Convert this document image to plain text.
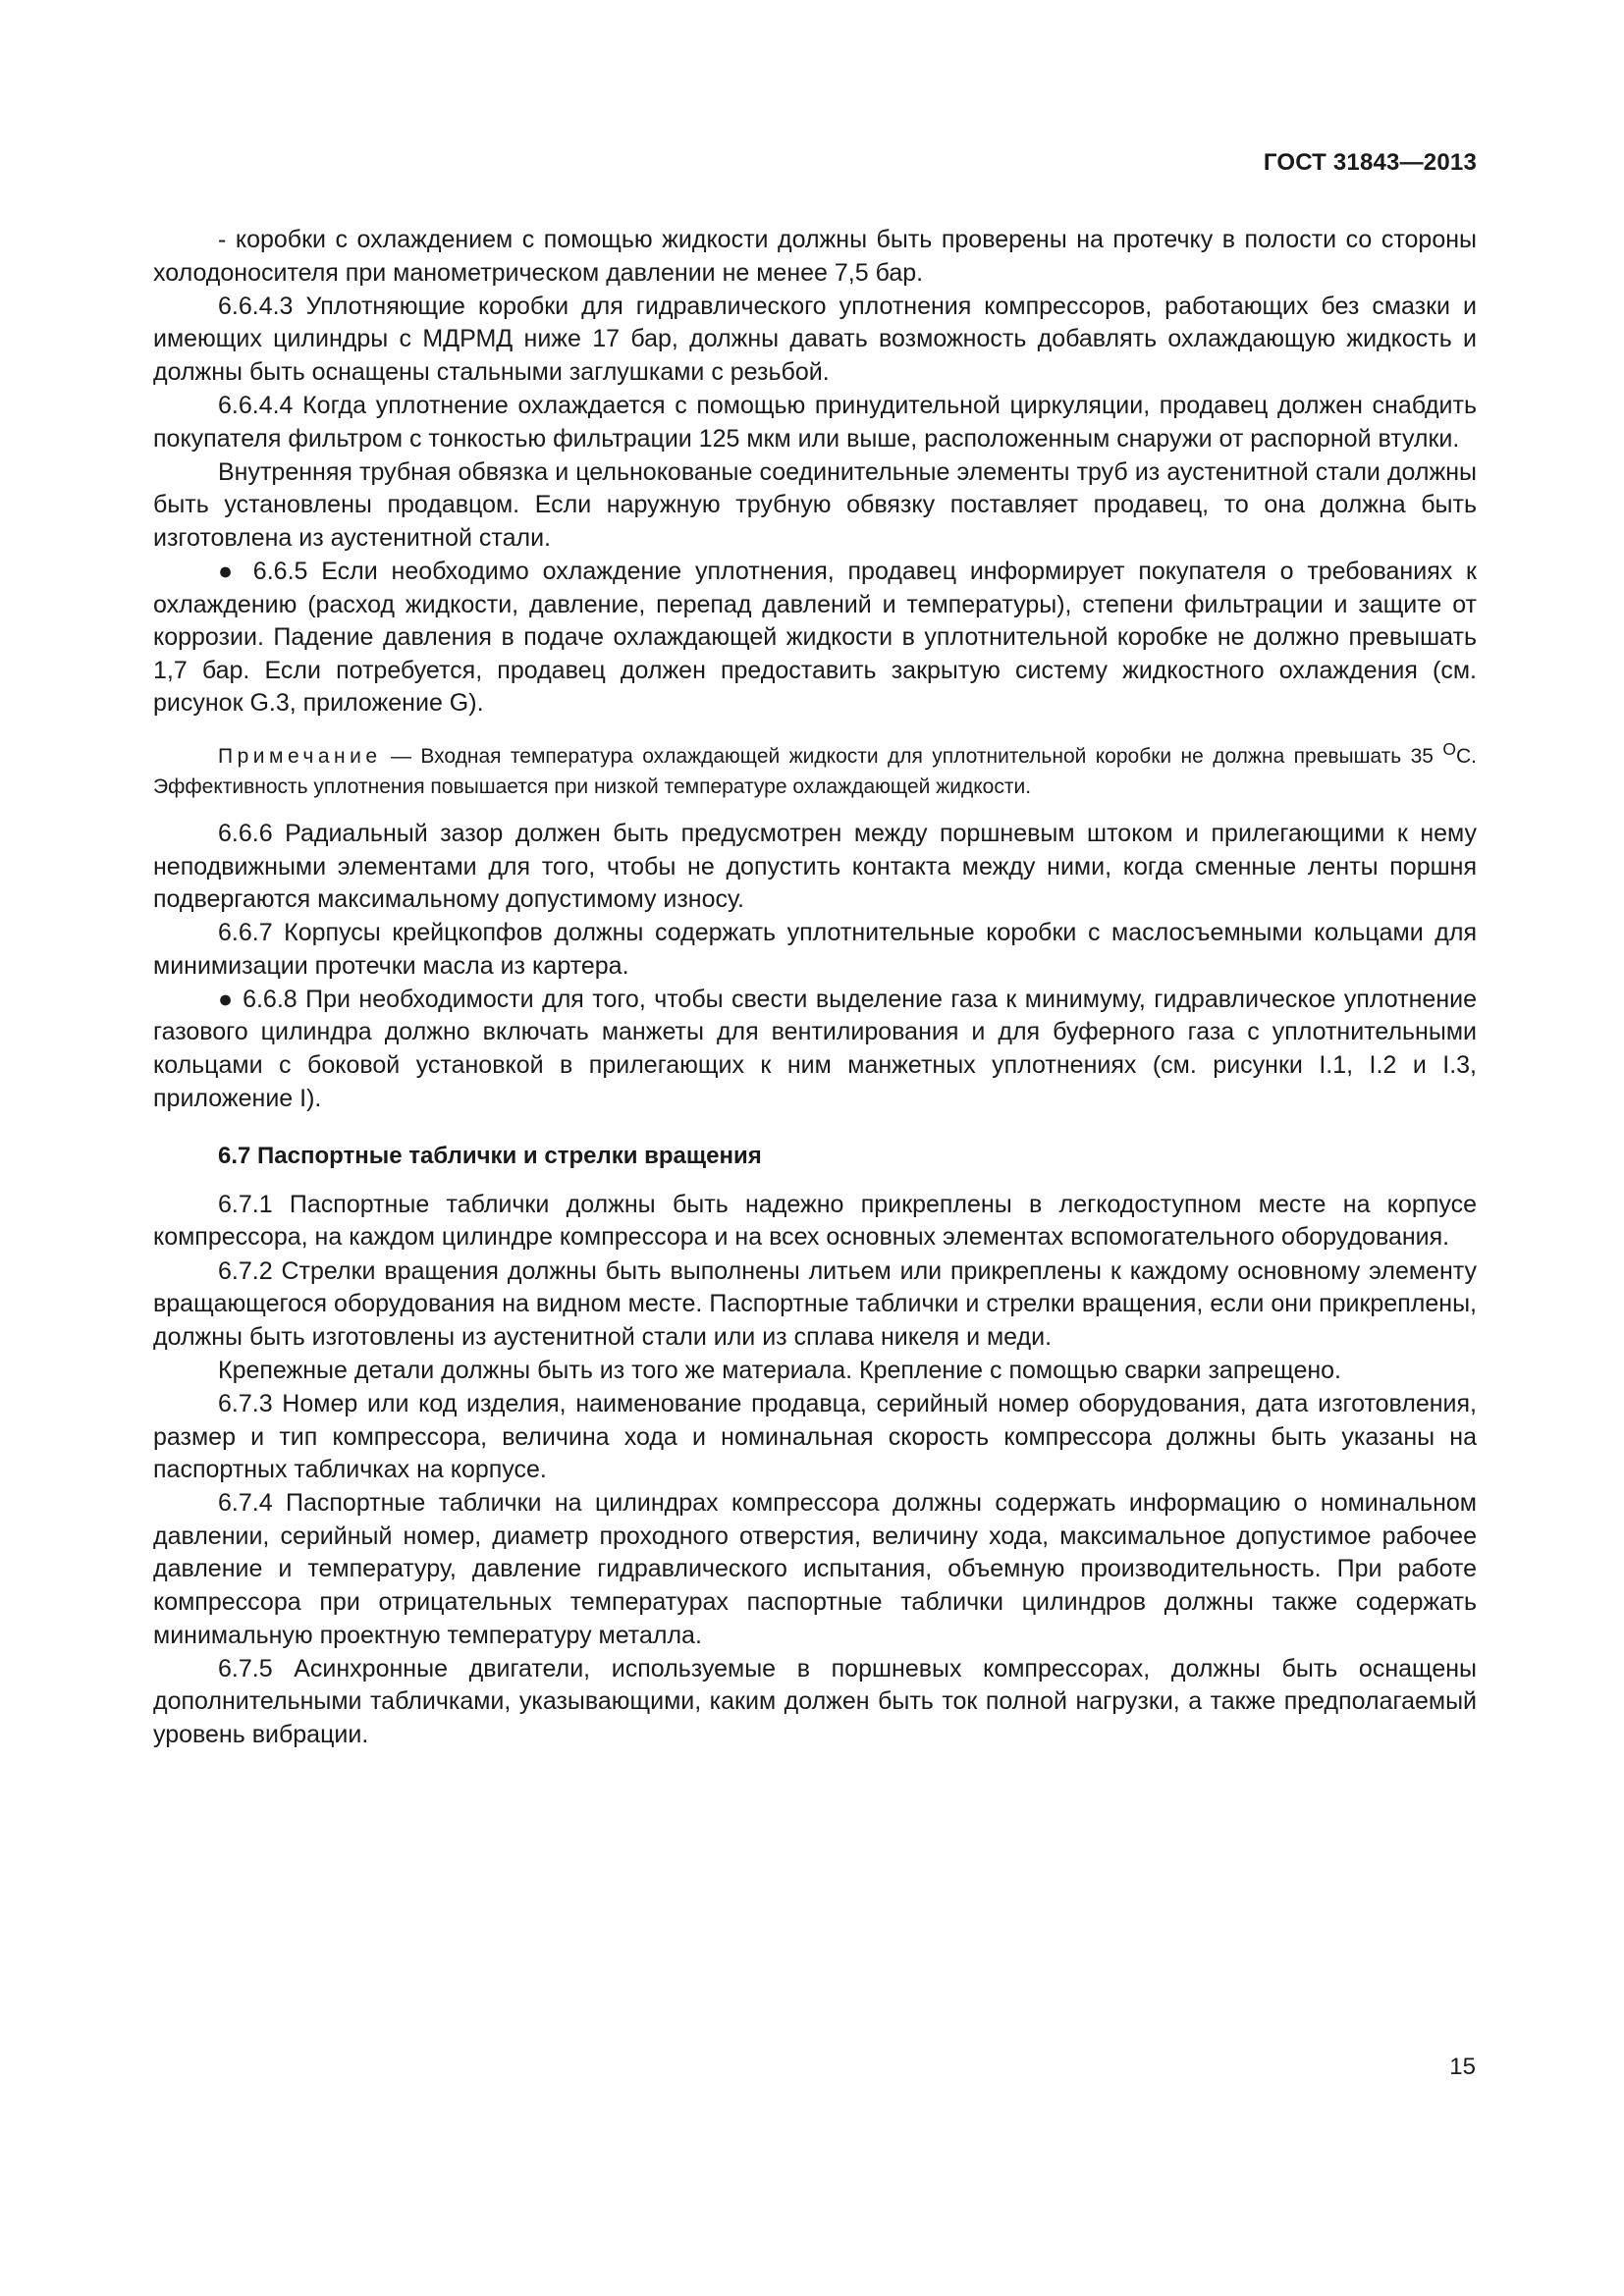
ГОСТ 31843—2013

- коробки с охлаждением с помощью жидкости должны быть проверены на протечку в полости со стороны холодоносителя при манометрическом давлении не менее 7,5 бар.

6.6.4.3 Уплотняющие коробки для гидравлического уплотнения компрессоров, работающих без смазки и имеющих цилиндры с МДРМД ниже 17 бар, должны давать возможность добавлять охлаждающую жидкость и должны быть оснащены стальными заглушками с резьбой.

6.6.4.4 Когда уплотнение охлаждается с помощью принудительной циркуляции, продавец должен снабдить покупателя фильтром с тонкостью фильтрации 125 мкм или выше, расположенным снаружи от распорной втулки.

Внутренняя трубная обвязка и цельнокованые соединительные элементы труб из аустенитной стали должны быть установлены продавцом. Если наружную трубную обвязку поставляет продавец, то она должна быть изготовлена из аустенитной стали.

● 6.6.5 Если необходимо охлаждение уплотнения, продавец информирует покупателя о требованиях к охлаждению (расход жидкости, давление, перепад давлений и температуры), степени фильтрации и защите от коррозии. Падение давления в подаче охлаждающей жидкости в уплотнительной коробке не должно превышать 1,7 бар. Если потребуется, продавец должен предоставить закрытую систему жидкостного охлаждения (см. рисунок G.3, приложение G).

Примечание — Входная температура охлаждающей жидкости для уплотнительной коробки не должна превышать 35 $^О$С. Эффективность уплотнения повышается при низкой температуре охлаждающей жидкости.

6.6.6 Радиальный зазор должен быть предусмотрен между поршневым штоком и прилегающими к нему неподвижными элементами для того, чтобы не допустить контакта между ними, когда сменные ленты поршня подвергаются максимальному допустимому износу.

6.6.7 Корпусы крейцкопфов должны содержать уплотнительные коробки с маслосъемными кольцами для минимизации протечки масла из картера.

● 6.6.8 При необходимости для того, чтобы свести выделение газа к минимуму, гидравлическое уплотнение газового цилиндра должно включать манжеты для вентилирования и для буферного газа с уплотнительными кольцами с боковой установкой в прилегающих к ним манжетных уплотнениях (см. рисунки I.1, I.2 и I.3, приложение I).

6.7 Паспортные таблички и стрелки вращения

6.7.1 Паспортные таблички должны быть надежно прикреплены в легкодоступном месте на корпусе компрессора, на каждом цилиндре компрессора и на всех основных элементах вспомогательного оборудования.

6.7.2 Стрелки вращения должны быть выполнены литьем или прикреплены к каждому основному элементу вращающегося оборудования на видном месте. Паспортные таблички и стрелки вращения, если они прикреплены, должны быть изготовлены из аустенитной стали или из сплава никеля и меди.

Крепежные детали должны быть из того же материала. Крепление с помощью сварки запрещено.

6.7.3 Номер или код изделия, наименование продавца, серийный номер оборудования, дата изготовления, размер и тип компрессора, величина хода и номинальная скорость компрессора должны быть указаны на паспортных табличках на корпусе.

6.7.4 Паспортные таблички на цилиндрах компрессора должны содержать информацию о номинальном давлении, серийный номер, диаметр проходного отверстия, величину хода, максимальное допустимое рабочее давление и температуру, давление гидравлического испытания, объемную производительность. При работе компрессора при отрицательных температурах паспортные таблички цилиндров должны также содержать минимальную проектную температуру металла.

6.7.5 Асинхронные двигатели, используемые в поршневых компрессорах, должны быть оснащены дополнительными табличками, указывающими, каким должен быть ток полной нагрузки, а также предполагаемый уровень вибрации.

15
